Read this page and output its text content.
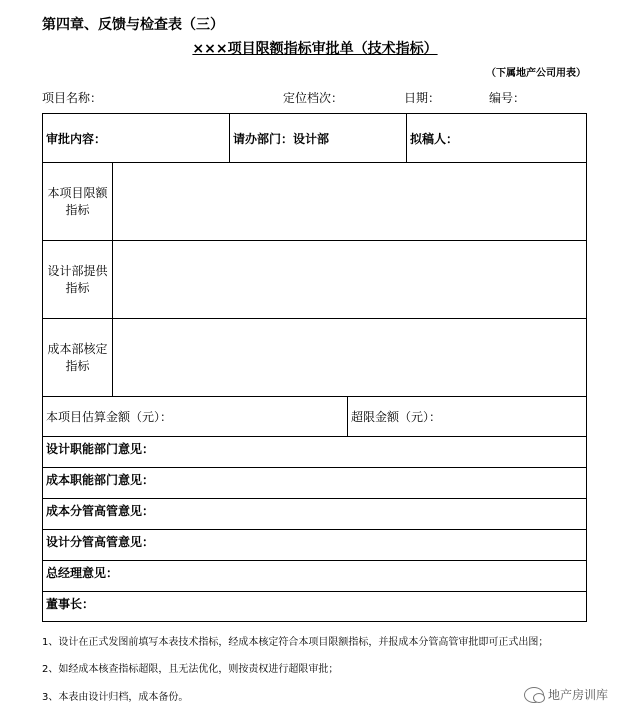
第四章、反馈与检查表（三）
×××项目限额指标审批单（技术指标）
（下属地产公司用表）
项目名称：	定位档次：	日期：	编号：
审批内容：		请办部门：设计部		拟稿人：
本项目限额指标				
设计部提供指标				
成本部核定指标				
本项目估算金额（元）：			超限金额（元）：	
设计职能部门意见：				
成本职能部门意见：				
成本分管高管意见：				
设计分管高管意见：				
总经理意见：				
董事长：				
1、设计在正式发图前填写本表技术指标，经成本核定符合本项目限额指标，并报成本分管高管审批即可正式出图；
2、如经成本核查指标超限，且无法优化，则按责权进行超限审批；
3、本表由设计归档，成本备份。	地产房训库
